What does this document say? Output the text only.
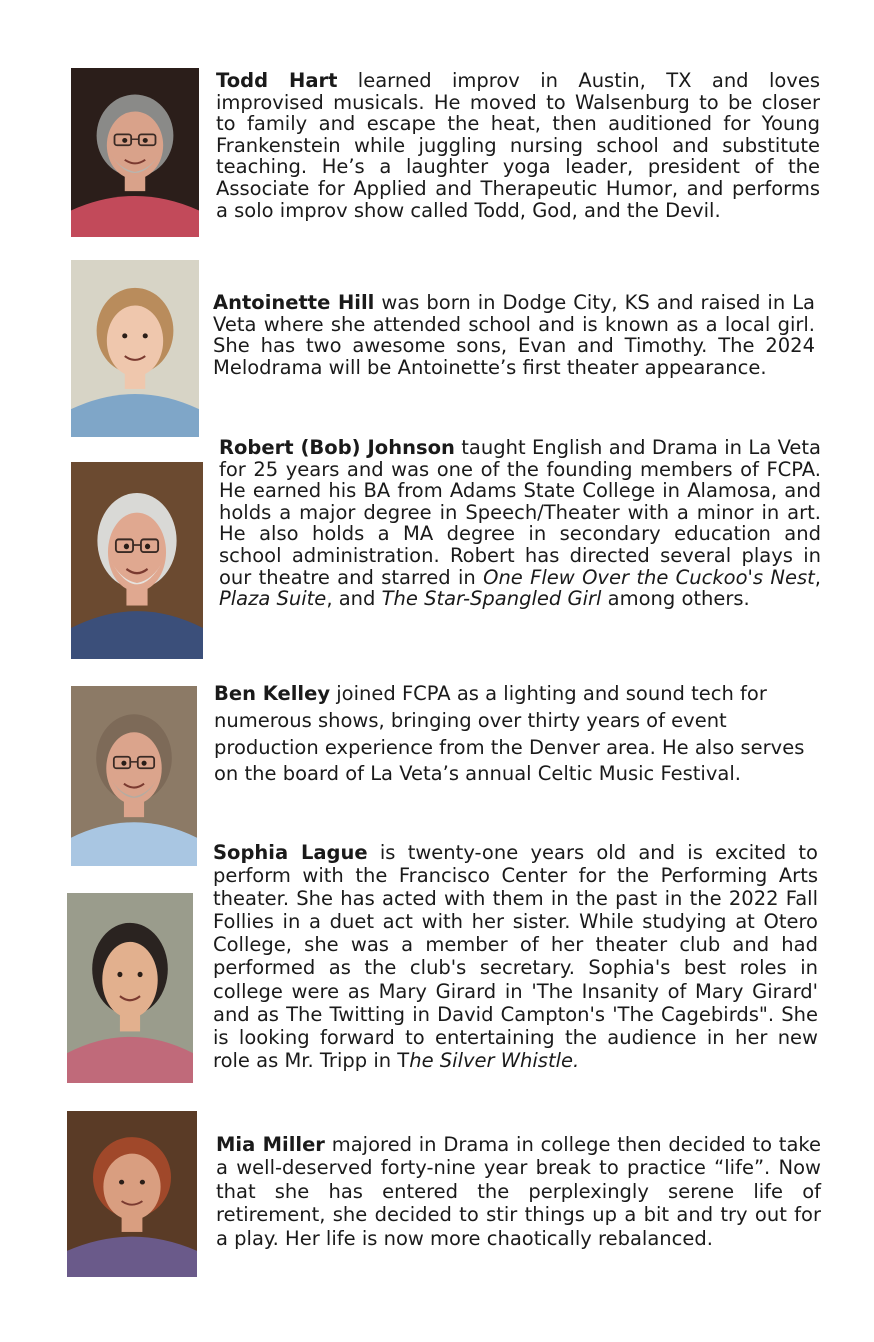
Todd Hart learned improv in Austin, TX and loves improvised musicals. He moved to Walsenburg to be closer to family and escape the heat, then auditioned for Young Frankenstein while juggling nursing school and substitute teaching. He’s a laughter yoga leader, president of the Associate for Applied and Therapeutic Humor, and performs a solo improv show called Todd, God, and the Devil.

Antoinette Hill was born in Dodge City, KS and raised in La Veta where she attended school and is known as a local girl. She has two awesome sons, Evan and Timothy. The 2024 Melodrama will be Antoinette’s first theater appearance.

Robert (Bob) Johnson taught English and Drama in La Veta for 25 years and was one of the founding members of FCPA. He earned his BA from Adams State College in Alamosa, and holds a major degree in Speech/Theater with a minor in art. He also holds a MA degree in secondary education and school administration. Robert has directed several plays in our theatre and starred in One Flew Over the Cuckoo's Nest, Plaza Suite, and The Star-Spangled Girl among others.

Ben Kelley joined FCPA as a lighting and sound tech for numerous shows, bringing over thirty years of event production experience from the Denver area. He also serves on the board of La Veta’s annual Celtic Music Festival.

Sophia Lague is twenty-one years old and is excited to perform with the Francisco Center for the Performing Arts theater. She has acted with them in the past in the 2022 Fall Follies in a duet act with her sister. While studying at Otero College, she was a member of her theater club and had performed as the club's secretary. Sophia's best roles in college were as Mary Girard in 'The Insanity of Mary Girard' and as The Twitting in David Campton's 'The Cagebirds". She is looking forward to entertaining the audience in her new role as Mr. Tripp in The Silver Whistle.

Mia Miller majored in Drama in college then decided to take a well-deserved forty-nine year break to practice “life”. Now that she has entered the perplexingly serene life of retirement, she decided to stir things up a bit and try out for a play. Her life is now more chaotically rebalanced.
